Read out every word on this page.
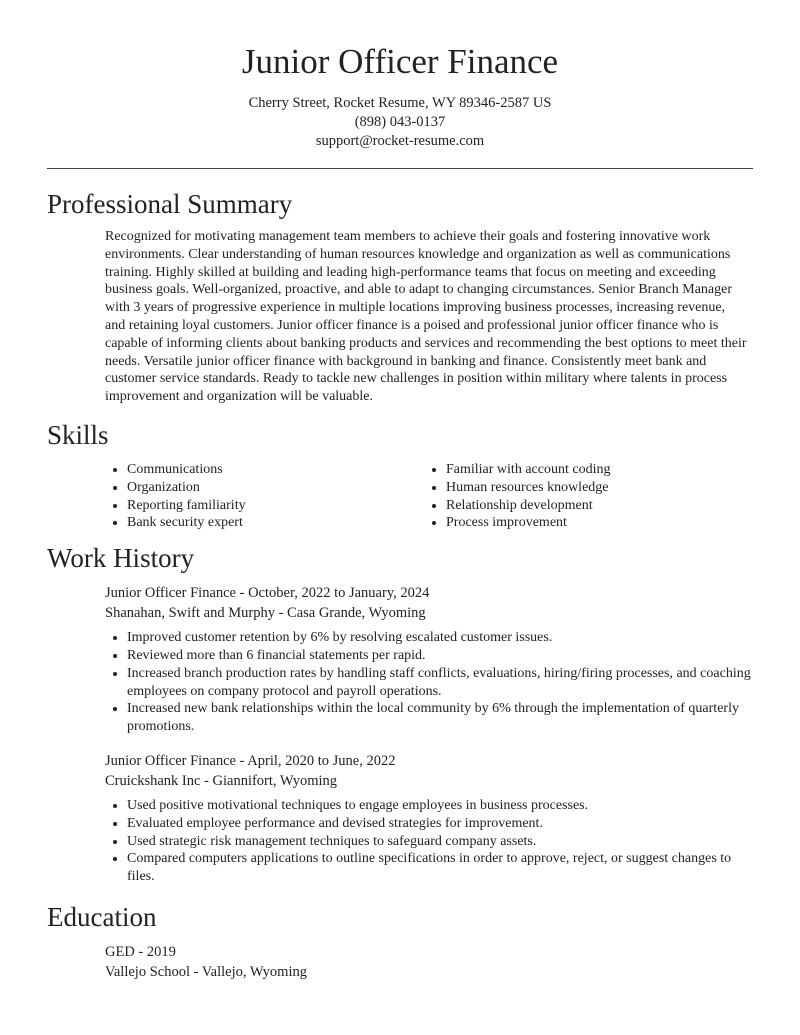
Junior Officer Finance
Cherry Street, Rocket Resume, WY 89346-2587 US
(898) 043-0137
support@rocket-resume.com
Professional Summary
Recognized for motivating management team members to achieve their goals and fostering innovative work environments. Clear understanding of human resources knowledge and organization as well as communications training. Highly skilled at building and leading high-performance teams that focus on meeting and exceeding business goals. Well-organized, proactive, and able to adapt to changing circumstances. Senior Branch Manager with 3 years of progressive experience in multiple locations improving business processes, increasing revenue, and retaining loyal customers. Junior officer finance is a poised and professional junior officer finance who is capable of informing clients about banking products and services and recommending the best options to meet their needs. Versatile junior officer finance with background in banking and finance. Consistently meet bank and customer service standards. Ready to tackle new challenges in position within military where talents in process improvement and organization will be valuable.
Skills
• Communications
• Organization
• Reporting familiarity
• Bank security expert
• Familiar with account coding
• Human resources knowledge
• Relationship development
• Process improvement
Work History
Junior Officer Finance - October, 2022 to January, 2024
Shanahan, Swift and Murphy - Casa Grande, Wyoming
• Improved customer retention by 6% by resolving escalated customer issues.
• Reviewed more than 6 financial statements per rapid.
• Increased branch production rates by handling staff conflicts, evaluations, hiring/firing processes, and coaching employees on company protocol and payroll operations.
• Increased new bank relationships within the local community by 6% through the implementation of quarterly promotions.
Junior Officer Finance - April, 2020 to June, 2022
Cruickshank Inc - Giannifort, Wyoming
• Used positive motivational techniques to engage employees in business processes.
• Evaluated employee performance and devised strategies for improvement.
• Used strategic risk management techniques to safeguard company assets.
• Compared computers applications to outline specifications in order to approve, reject, or suggest changes to files.
Education
GED - 2019
Vallejo School - Vallejo, Wyoming
